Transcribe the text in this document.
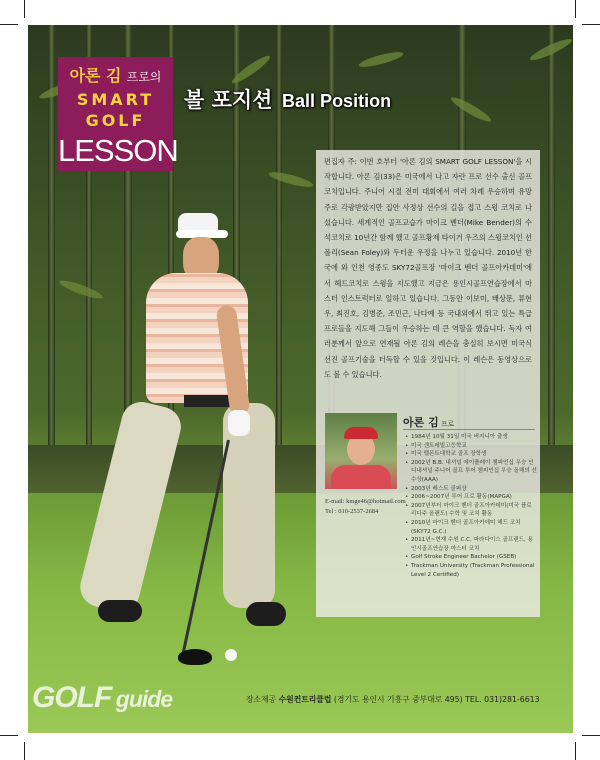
아론 김 프로의
SMART
GOLF
LESSON
볼 포지션 Ball Position
편집자 주: 이번 호부터 '아론 김의 SMART GOLF LESSON'을 시작합니다. 아론 김(33)은 미국에서 나고 자란 프로 선수 출신 골프코치입니다. 주니어 시절 전미 대회에서 여러 차례 우승하며 유망주로 각광받았지만 집안 사정상 선수의 길을 접고 스윙 코치로 나섰습니다. 세계적인 골프교습가 마이크 벤더(Mike Bender)의 수석코치로 10년간 함께 했고 골프황제 타이거 우즈의 스윙코치인 션 폴리(Sean Foley)와 두터운 우정을 나누고 있습니다. 2010년 한국에 와 인천 영종도 SKY72골프장 '마이크 벤더 골프아카데미'에서 헤드코치로 스윙을 지도했고 지금은 용인시골프연습장에서 마스터 인스트럭터로 일하고 있습니다. 그동안 이보미, 배상문, 류현우, 최진호, 김병준, 조민근, 나다예 등 국내외에서 뛰고 있는 특급 프로들을 지도해 그들이 우승하는 데 큰 역할을 했습니다. 독자 여러분께서 앞으로 연재될 아론 김의 레슨을 충실히 보시면 미국식 선진 골프기술을 터득할 수 있을 것입니다. 이 레슨은 동영상으로도 볼 수 있습니다.
E-mail: kmge46@hotmail.com
Tel : 010-2537-2684
아론 김 프로
• 1984년 10월 31일 미국 버지니아 출생
• 미국 센트레빌고등학교
• 미국 펠몬트대학교 골프 장학생
• 2002년 B.B. 내셔널 에이플레이 챔피언십 우승 인디내셔널 주니어 골프 투어 챔피언십 우승 올해의 선수상(AAA)
• 2003년 베스트 골퍼상
• 2006~2007년 투어 프로 활동(MAPGA)
• 2007년부터 마이크 벤더 골프아카데미(미국 플로리다주 올랜도) 수학 및 코치 활동
• 2010년 마이크 벤더 골프아카데미 헤드 코치(SKY72 G.C.)
• 2011년~현재 수원 C.C, 파라다이스 골프랜드, 용인시골프연습장 마스터 코치
• Golf Stroke Engineer Bachelor (GSEB)
• Trackman University (Trackman Professional Level 2 Certified)
GOLF guide	장소제공 수원컨트리클럽 (경기도 용인시 기흥구 중부대로 495) TEL. 031)281-6613
